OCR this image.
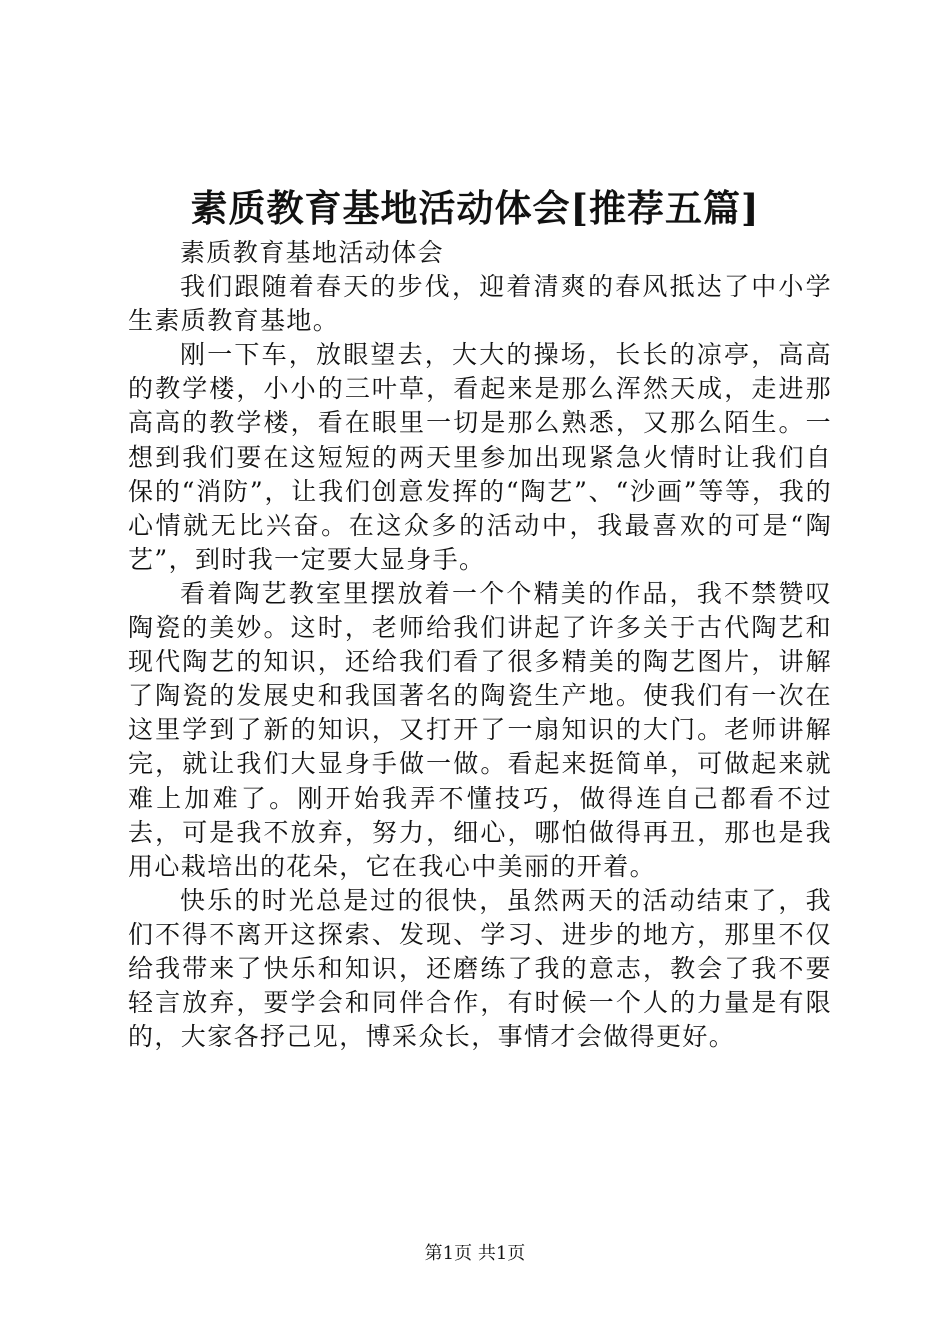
素质教育基地活动体会[推荐五篇]

素质教育基地活动体会

我们跟随着春天的步伐，迎着清爽的春风抵达了中小学生素质教育基地。

刚一下车，放眼望去，大大的操场，长长的凉亭，高高的教学楼，小小的三叶草，看起来是那么浑然天成，走进那高高的教学楼，看在眼里一切是那么熟悉，又那么陌生。一想到我们要在这短短的两天里参加出现紧急火情时让我们自保的“消防”，让我们创意发挥的“陶艺”、“沙画”等等，我的心情就无比兴奋。在这众多的活动中，我最喜欢的可是“陶艺”，到时我一定要大显身手。

看着陶艺教室里摆放着一个个精美的作品，我不禁赞叹陶瓷的美妙。这时，老师给我们讲起了许多关于古代陶艺和现代陶艺的知识，还给我们看了很多精美的陶艺图片，讲解了陶瓷的发展史和我国著名的陶瓷生产地。使我们有一次在这里学到了新的知识，又打开了一扇知识的大门。老师讲解完，就让我们大显身手做一做。看起来挺简单，可做起来就难上加难了。刚开始我弄不懂技巧，做得连自己都看不过去，可是我不放弃，努力，细心，哪怕做得再丑，那也是我用心栽培出的花朵，它在我心中美丽的开着。

快乐的时光总是过的很快，虽然两天的活动结束了，我们不得不离开这探索、发现、学习、进步的地方，那里不仅给我带来了快乐和知识，还磨练了我的意志，教会了我不要轻言放弃，要学会和同伴合作，有时候一个人的力量是有限的，大家各抒己见，博采众长，事情才会做得更好。

第1页 共1页
